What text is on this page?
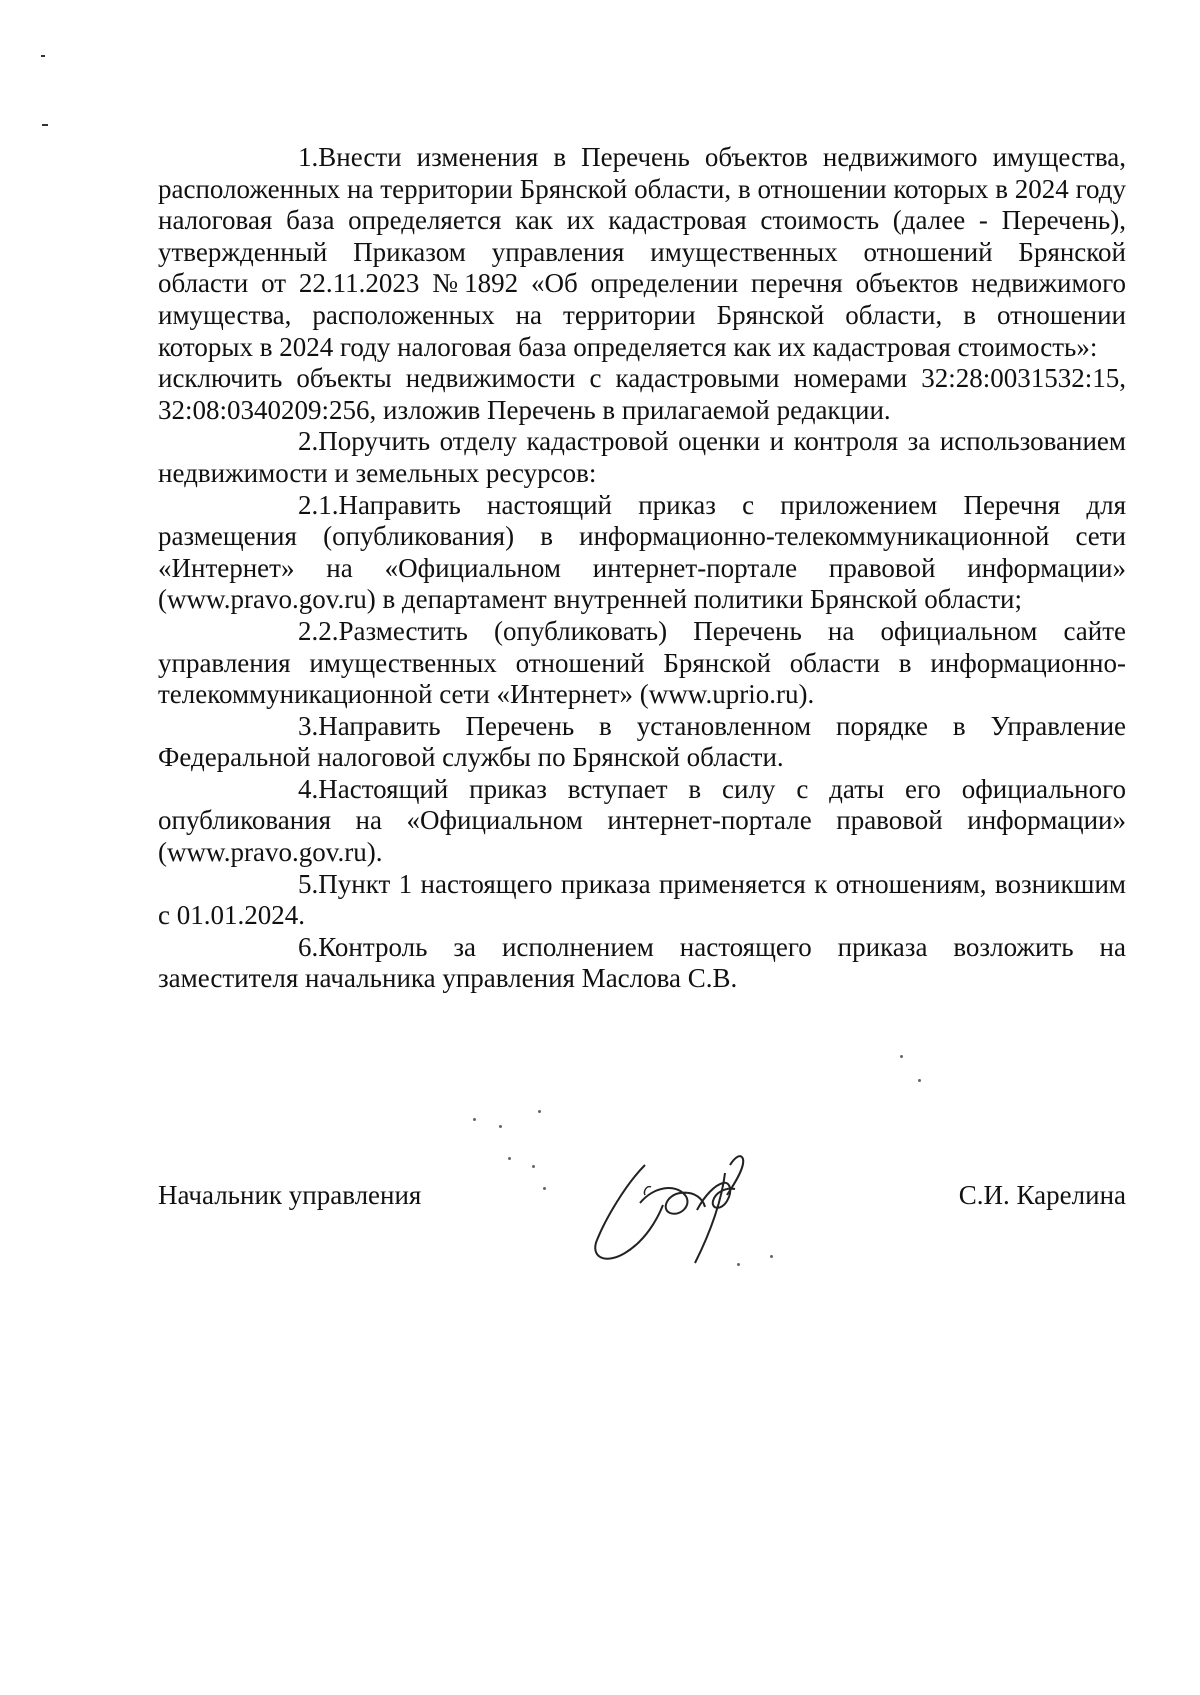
1.Внести изменения в Перечень объектов недвижимого имущества, расположенных на территории Брянской области, в отношении которых в 2024 году налоговая база определяется как их кадастровая стоимость (далее - Перечень), утвержденный Приказом управления имущественных отношений Брянской области от 22.11.2023 №1892 «Об определении перечня объектов недвижимого имущества, расположенных на территории Брянской области, в отношении которых в 2024 году налоговая база определяется как их кадастровая стоимость»:

исключить объекты недвижимости с кадастровыми номерами 32:28:0031532:15, 32:08:0340209:256, изложив Перечень в прилагаемой редакции.

2.Поручить отделу кадастровой оценки и контроля за использованием недвижимости и земельных ресурсов:

2.1.Направить настоящий приказ с приложением Перечня для размещения (опубликования) в информационно-телекоммуникационной сети «Интернет» на «Официальном интернет-портале правовой информации» (www.pravo.gov.ru) в департамент внутренней политики Брянской области;

2.2.Разместить (опубликовать) Перечень на официальном сайте управления имущественных отношений Брянской области в информационно-телекоммуникационной сети «Интернет» (www.uprio.ru).

3.Направить Перечень в установленном порядке в Управление Федеральной налоговой службы по Брянской области.

4.Настоящий приказ вступает в силу с даты его официального опубликования на «Официальном интернет-портале правовой информации» (www.pravo.gov.ru).

5.Пункт 1 настоящего приказа применяется к отношениям, возникшим с 01.01.2024.

6.Контроль за исполнением настоящего приказа возложить на заместителя начальника управления Маслова С.В.

Начальник управления	С.И. Карелина
